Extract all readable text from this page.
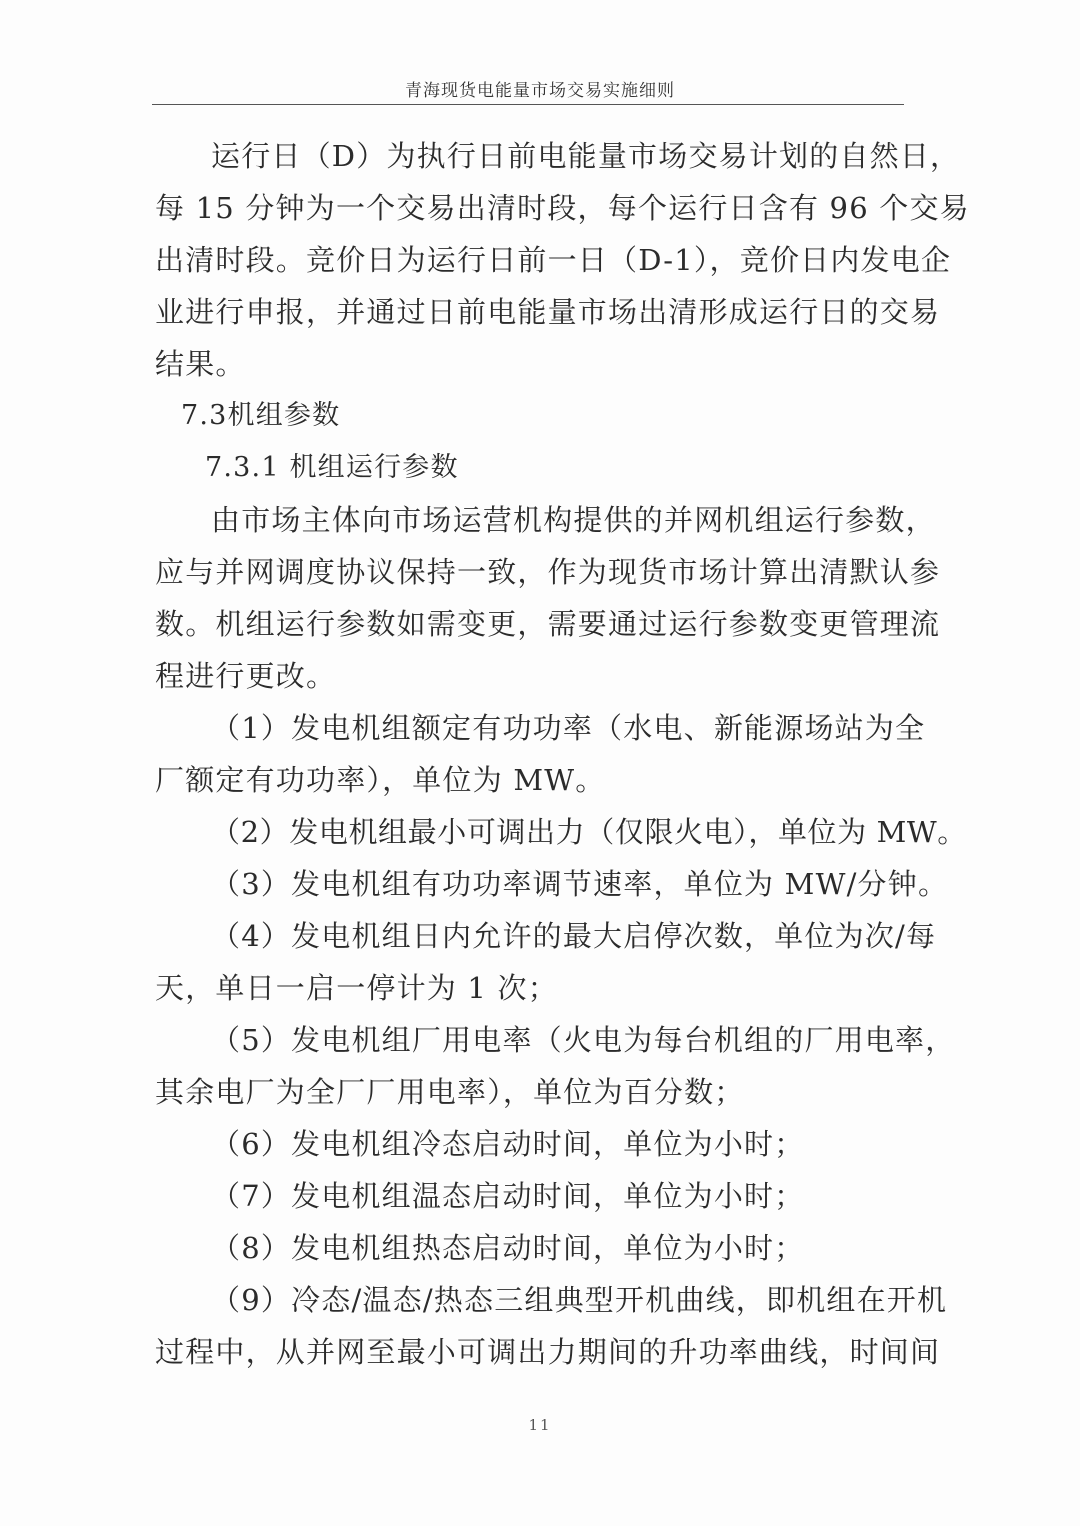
青海现货电能量市场交易实施细则
运行日（D）为执行日前电能量市场交易计划的自然日，
每 15 分钟为一个交易出清时段，每个运行日含有 96 个交易
出清时段。竞价日为运行日前一日（D-1），竞价日内发电企
业进行申报，并通过日前电能量市场出清形成运行日的交易
结果。
7.3机组参数
7.3.1 机组运行参数
由市场主体向市场运营机构提供的并网机组运行参数，
应与并网调度协议保持一致，作为现货市场计算出清默认参
数。机组运行参数如需变更，需要通过运行参数变更管理流
程进行更改。
（1）发电机组额定有功功率（水电、新能源场站为全
厂额定有功功率），单位为 MW。
（2）发电机组最小可调出力（仅限火电），单位为 MW。
（3）发电机组有功功率调节速率，单位为 MW/分钟。
（4）发电机组日内允许的最大启停次数，单位为次/每
天，单日一启一停计为 1 次；
（5）发电机组厂用电率（火电为每台机组的厂用电率，
其余电厂为全厂厂用电率），单位为百分数；
（6）发电机组冷态启动时间，单位为小时；
（7）发电机组温态启动时间，单位为小时；
（8）发电机组热态启动时间，单位为小时；
（9）冷态/温态/热态三组典型开机曲线，即机组在开机
过程中，从并网至最小可调出力期间的升功率曲线，时间间
11
